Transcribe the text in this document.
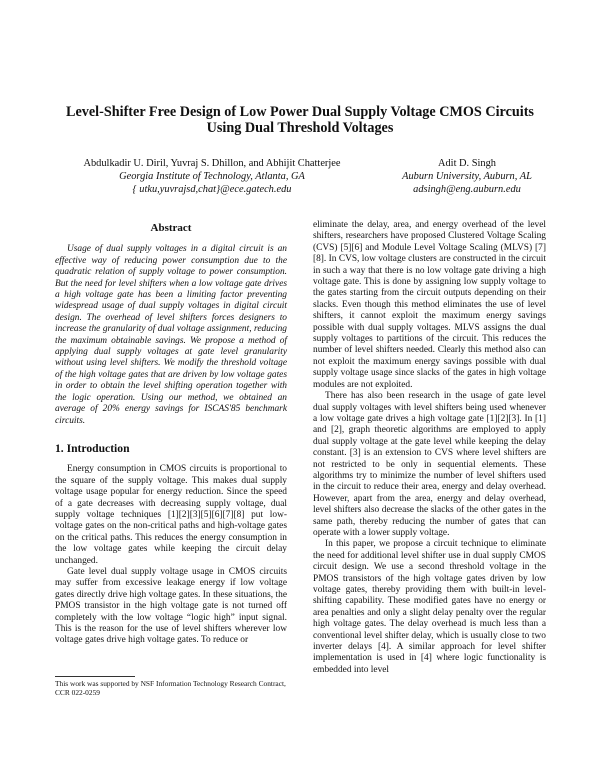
Level-Shifter Free Design of Low Power Dual Supply Voltage CMOS Circuits Using Dual Threshold Voltages
Abdulkadir U. Diril, Yuvraj S. Dhillon, and Abhijit Chatterjee
Georgia Institute of Technology, Atlanta, GA
{ utku,yuvrajsd,chat}@ece.gatech.edu
Adit D. Singh
Auburn University, Auburn, AL
adsingh@eng.auburn.edu
Abstract

Usage of dual supply voltages in a digital circuit is an effective way of reducing power consumption due to the quadratic relation of supply voltage to power consumption. But the need for level shifters when a low voltage gate drives a high voltage gate has been a limiting factor preventing widespread usage of dual supply voltages in digital circuit design. The overhead of level shifters forces designers to increase the granularity of dual voltage assignment, reducing the maximum obtainable savings. We propose a method of applying dual supply voltages at gate level granularity without using level shifters. We modify the threshold voltage of the high voltage gates that are driven by low voltage gates in order to obtain the level shifting operation together with the logic operation. Using our method, we obtained an average of 20% energy savings for ISCAS'85 benchmark circuits.

1. Introduction

Energy consumption in CMOS circuits is proportional to the square of the supply voltage. This makes dual supply voltage usage popular for energy reduction. Since the speed of a gate decreases with decreasing supply voltage, dual supply voltage techniques [1][2][3][5][6][7][8] put low-voltage gates on the non-critical paths and high-voltage gates on the critical paths. This reduces the energy consumption in the low voltage gates while keeping the circuit delay unchanged.

Gate level dual supply voltage usage in CMOS circuits may suffer from excessive leakage energy if low voltage gates directly drive high voltage gates. In these situations, the PMOS transistor in the high voltage gate is not turned off completely with the low voltage “logic high” input signal. This is the reason for the use of level shifters wherever low voltage gates drive high voltage gates. To reduce or

eliminate the delay, area, and energy overhead of the level shifters, researchers have proposed Clustered Voltage Scaling (CVS) [5][6] and Module Level Voltage Scaling (MLVS) [7][8]. In CVS, low voltage clusters are constructed in the circuit in such a way that there is no low voltage gate driving a high voltage gate. This is done by assigning low supply voltage to the gates starting from the circuit outputs depending on their slacks. Even though this method eliminates the use of level shifters, it cannot exploit the maximum energy savings possible with dual supply voltages. MLVS assigns the dual supply voltages to partitions of the circuit. This reduces the number of level shifters needed. Clearly this method also can not exploit the maximum energy savings possible with dual supply voltage usage since slacks of the gates in high voltage modules are not exploited.

There has also been research in the usage of gate level dual supply voltages with level shifters being used whenever a low voltage gate drives a high voltage gate [1][2][3]. In [1] and [2], graph theoretic algorithms are employed to apply dual supply voltage at the gate level while keeping the delay constant. [3] is an extension to CVS where level shifters are not restricted to be only in sequential elements. These algorithms try to minimize the number of level shifters used in the circuit to reduce their area, energy and delay overhead. However, apart from the area, energy and delay overhead, level shifters also decrease the slacks of the other gates in the same path, thereby reducing the number of gates that can operate with a lower supply voltage.

In this paper, we propose a circuit technique to eliminate the need for additional level shifter use in dual supply CMOS circuit design. We use a second threshold voltage in the PMOS transistors of the high voltage gates driven by low voltage gates, thereby providing them with built-in level-shifting capability. These modified gates have no energy or area penalties and only a slight delay penalty over the regular high voltage gates. The delay overhead is much less than a conventional level shifter delay, which is usually close to two inverter delays [4]. A similar approach for level shifter implementation is used in [4] where logic functionality is embedded into level

This work was supported by NSF Information Technology Research Contract, CCR 022-0259
